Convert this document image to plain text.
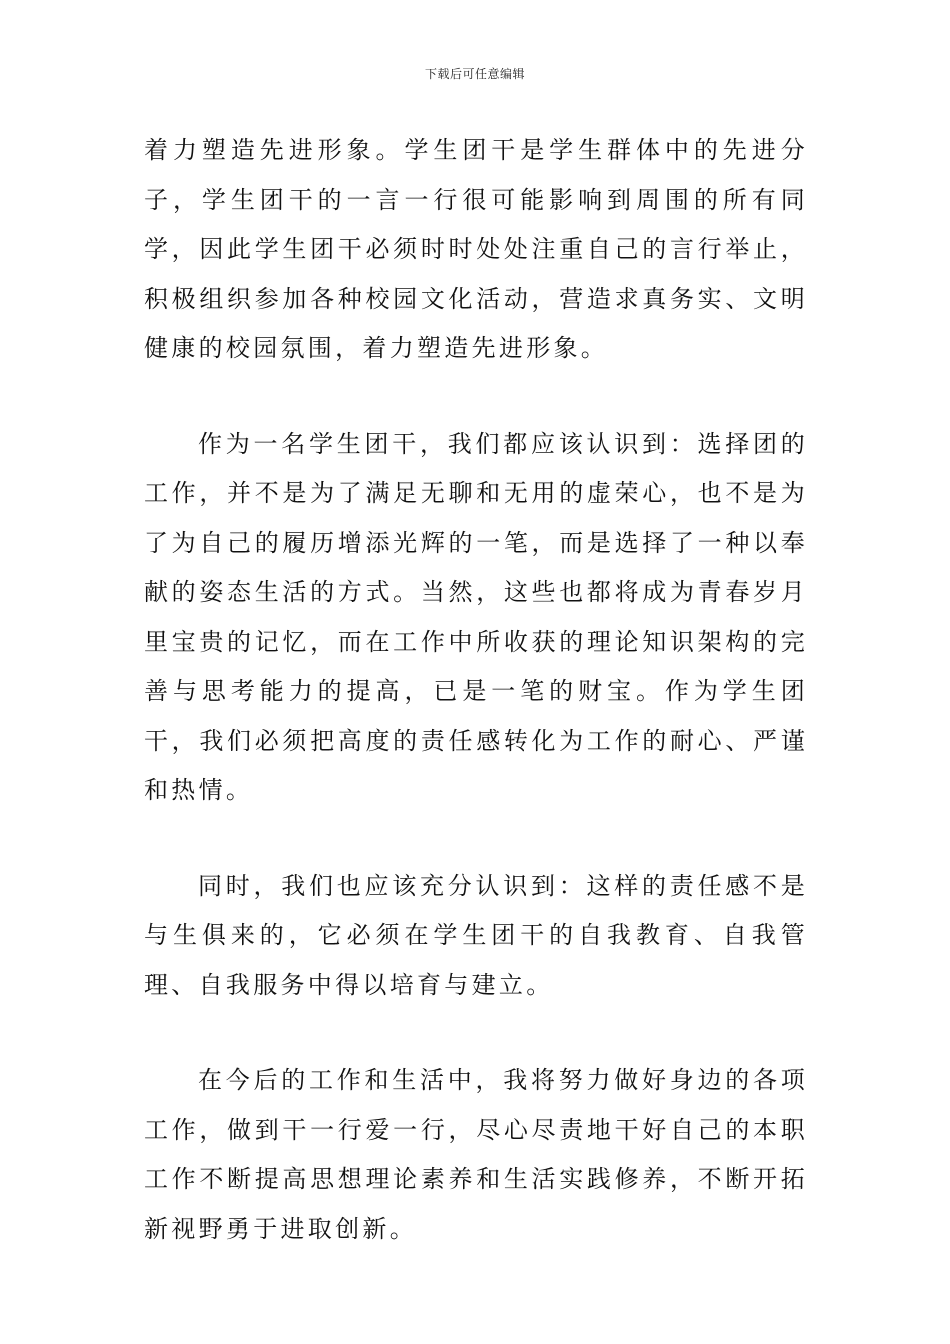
下载后可任意编辑

着力塑造先进形象。学生团干是学生群体中的先进分子，学生团干的一言一行很可能影响到周围的所有同学，因此学生团干必须时时处处注重自己的言行举止，积极组织参加各种校园文化活动，营造求真务实、文明健康的校园氛围，着力塑造先进形象。

作为一名学生团干，我们都应该认识到：选择团的工作，并不是为了满足无聊和无用的虚荣心，也不是为了为自己的履历增添光辉的一笔，而是选择了一种以奉献的姿态生活的方式。当然，这些也都将成为青春岁月里宝贵的记忆，而在工作中所收获的理论知识架构的完善与思考能力的提高，已是一笔的财宝。作为学生团干，我们必须把高度的责任感转化为工作的耐心、严谨和热情。

同时，我们也应该充分认识到：这样的责任感不是与生俱来的，它必须在学生团干的自我教育、自我管理、自我服务中得以培育与建立。

在今后的工作和生活中，我将努力做好身边的各项工作，做到干一行爱一行，尽心尽责地干好自己的本职工作不断提高思想理论素养和生活实践修养，不断开拓新视野勇于进取创新。
